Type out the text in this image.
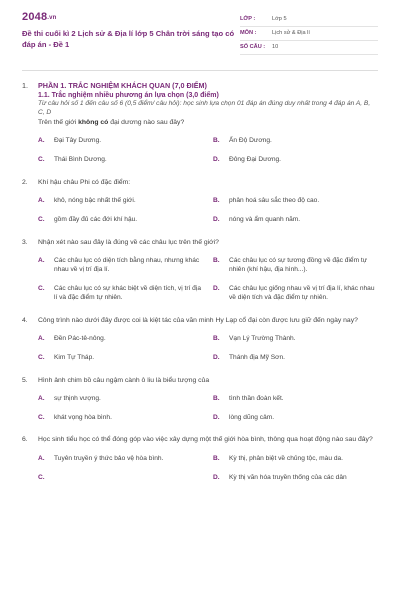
2048.vn
Đề thi cuối kì 2 Lịch sử & Địa lí lớp 5 Chân trời sáng tạo có đáp án - Đề 1
LỚP :	Lớp 5
MÔN :	Lịch sử & Địa lí
SỐ CÂU :	10
1.	PHẦN 1. TRẮC NGHIỆM KHÁCH QUAN (7,0 ĐIỂM)
1.1. Trắc nghiệm nhiều phương án lựa chọn (3,0 điểm)
Từ câu hỏi số 1 đến câu số 6 (0,5 điểm/ câu hỏi): học sinh lựa chọn 01 đáp án đúng duy nhất trong 4 đáp án A, B, C, D
Trên thế giới không có đại dương nào sau đây?
A.	Đại Tây Dương.	B.	Ấn Độ Dương.
C.	Thái Bình Dương.	D.	Đông Đại Dương.
2.	Khí hậu châu Phi có đặc điểm:
A.	khô, nóng bậc nhất thế giới.	B.	phân hoá sâu sắc theo độ cao.
C.	gồm đầy đủ các đới khí hậu.	D.	nóng và ẩm quanh năm.
3.	Nhận xét nào sau đây là đúng về các châu lục trên thế giới?
A.	Các châu lục có diện tích bằng nhau, nhưng khác nhau về vị trí địa lí.
B.	Các châu lục có sự tương đồng về đặc điểm tự nhiên (khí hậu, địa hình...).
C.	Các châu lục có sự khác biệt về diện tích, vị trí địa lí và đặc điểm tự nhiên.
D.	Các châu lục giống nhau về vị trí địa lí, khác nhau về diện tích và đặc điểm tự nhiên.
4.	Công trình nào dưới đây được coi là kiệt tác của văn minh Hy Lạp cổ đại còn được lưu giữ đến ngày nay?
A.	Đền Pác-tê-nông.	B.	Vạn Lý Trường Thành.
C.	Kim Tự Tháp.	D.	Thánh địa Mỹ Sơn.
5.	Hình ảnh chim bồ câu ngậm cành ô liu là biểu tượng của
A.	sự thịnh vượng.	B.	tình thần đoàn kết.
C.	khát vọng hòa bình.	D.	lòng dũng cảm.
6.	Học sinh tiểu học có thể đóng góp vào việc xây dựng một thế giới hòa bình, thông qua hoạt động nào sau đây?
A.	Tuyên truyền ý thức bảo vệ hòa bình.	B.	Kỳ thị, phân biệt về chủng tộc, màu da.
C.	D.	Kỳ thị văn hóa truyền thống của các dân
